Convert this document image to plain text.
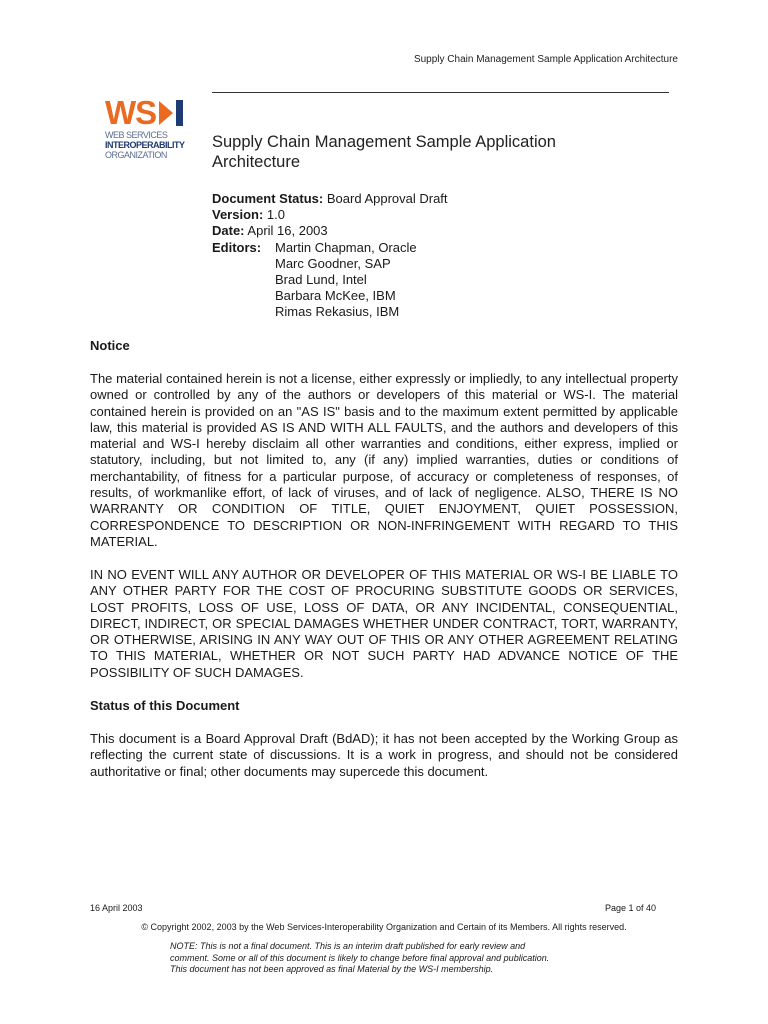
Supply Chain Management Sample Application Architecture
WS
WEB SERVICES
INTEROPERABILITY
ORGANIZATION
Supply Chain Management Sample Application Architecture
Document Status: Board Approval Draft
Version: 1.0
Date: April 16, 2003
Editors:	Martin Chapman, Oracle
Marc Goodner, SAP
Brad Lund, Intel
Barbara McKee, IBM
Rimas Rekasius, IBM
Notice

The material contained herein is not a license, either expressly or impliedly, to any intellectual property owned or controlled by any of the authors or developers of this material or WS-I. The material contained herein is provided on an "AS IS" basis and to the maximum extent permitted by applicable law, this material is provided AS IS AND WITH ALL FAULTS, and the authors and developers of this material and WS-I hereby disclaim all other warranties and conditions, either express, implied or statutory, including, but not limited to, any (if any) implied warranties, duties or conditions of merchantability, of fitness for a particular purpose, of accuracy or completeness of responses, of results, of workmanlike effort, of lack of viruses, and of lack of negligence. ALSO, THERE IS NO WARRANTY OR CONDITION OF TITLE, QUIET ENJOYMENT, QUIET POSSESSION, CORRESPONDENCE TO DESCRIPTION OR NON-INFRINGEMENT WITH REGARD TO THIS MATERIAL.

IN NO EVENT WILL ANY AUTHOR OR DEVELOPER OF THIS MATERIAL OR WS-I BE LIABLE TO ANY OTHER PARTY FOR THE COST OF PROCURING SUBSTITUTE GOODS OR SERVICES, LOST PROFITS, LOSS OF USE, LOSS OF DATA, OR ANY INCIDENTAL, CONSEQUENTIAL, DIRECT, INDIRECT, OR SPECIAL DAMAGES WHETHER UNDER CONTRACT, TORT, WARRANTY, OR OTHERWISE, ARISING IN ANY WAY OUT OF THIS OR ANY OTHER AGREEMENT RELATING TO THIS MATERIAL, WHETHER OR NOT SUCH PARTY HAD ADVANCE NOTICE OF THE POSSIBILITY OF SUCH DAMAGES.

Status of this Document

This document is a Board Approval Draft (BdAD); it has not been accepted by the Working Group as reflecting the current state of discussions. It is a work in progress, and should not be considered authoritative or final; other documents may supercede this document.

16 April 2003	Page 1 of 40
© Copyright 2002, 2003 by the Web Services-Interoperability Organization and Certain of its Members. All rights reserved.
NOTE: This is not a final document. This is an interim draft published for early review and
comment. Some or all of this document is likely to change before final approval and publication.
This document has not been approved as final Material by the WS-I membership.
